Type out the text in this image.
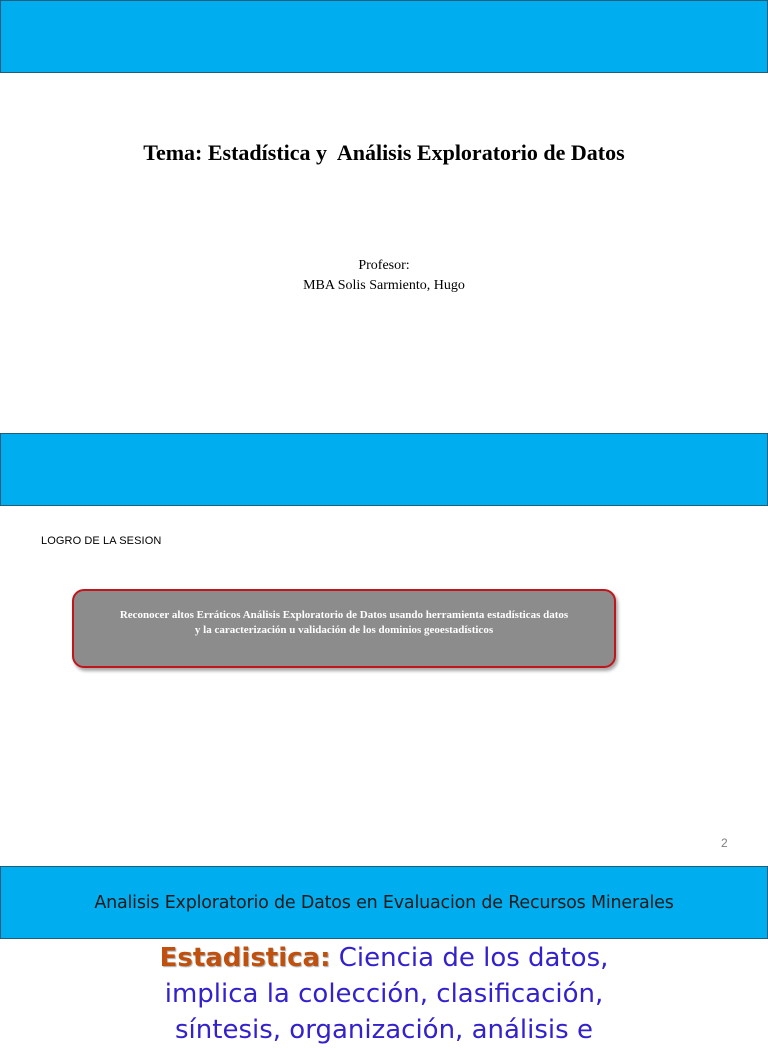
Tema: Estadística y  Análisis Exploratorio de Datos
Profesor:
MBA Solis Sarmiento, Hugo
LOGRO DE LA SESION
Reconocer altos Erráticos Análisis Exploratorio de Datos usando herramienta estadísticas datos
y la caracterización u validación de los dominios geoestadísticos
2
Analisis Exploratorio de Datos en Evaluacion de Recursos Minerales
Estadistica: Ciencia de los datos,
implica la colección, clasificación,
síntesis, organización, análisis e
